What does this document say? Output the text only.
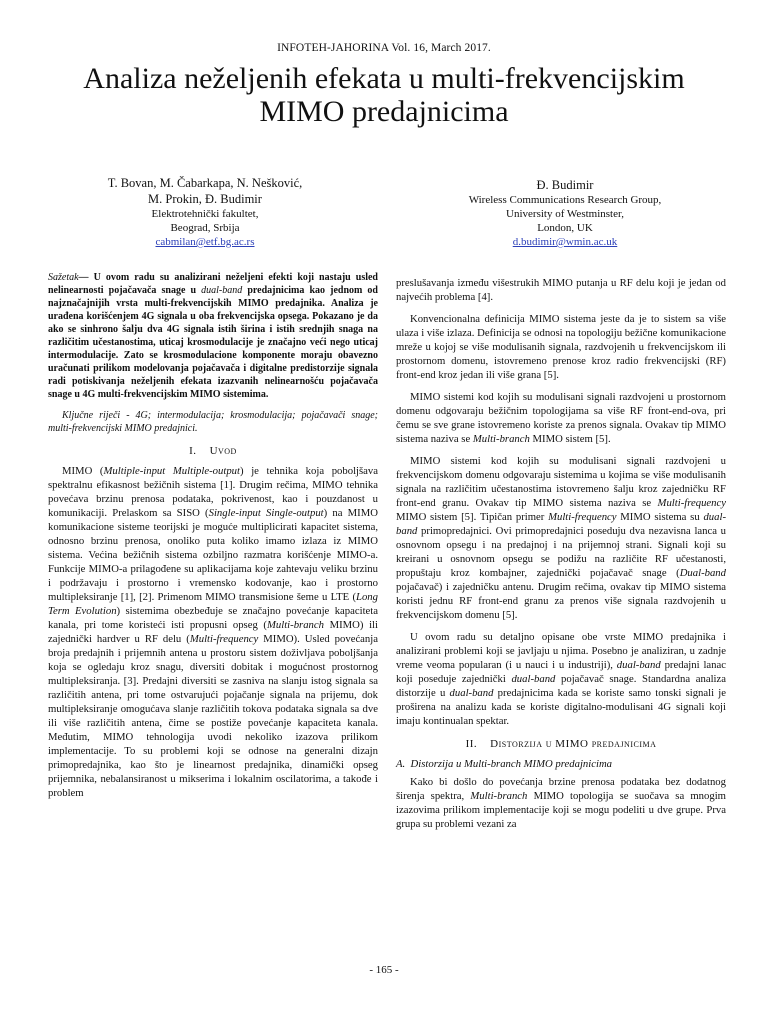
INFOTEH-JAHORINA Vol. 16, March 2017.
Analiza neželjenih efekata u multi-frekvencijskim MIMO predajnicima
T. Bovan, M. Čabarkapa, N. Nešković,
M. Prokin, Đ. Budimir
Elektrotehnički fakultet,
Beograd, Srbija
cabmilan@etf.bg.ac.rs
Đ. Budimir
Wireless Communications Research Group,
University of Westminster,
London, UK
d.budimir@wmin.ac.uk

Sažetak— U ovom radu su analizirani neželjeni efekti koji nastaju usled nelinearnosti pojačavača snage u dual-band predajnicima kao jednom od najznačajnijih vrsta multi-frekvencijskih MIMO predajnika. Analiza je urađena korišćenjem 4G signala u oba frekvencijska opsega. Pokazano je da ako se sinhrono šalju dva 4G signala istih širina i istih srednjih snaga na različitim učestanostima, uticaj krosmodulacije je značajno veći nego uticaj intermodulacije. Zato se krosmodulacione komponente moraju obavezno uračunati prilikom modelovanja pojačavača i digitalne predistorzije signala radi potiskivanja neželjenih efekata izazvanih nelinearnošću pojačavača snage u 4G multi-frekvencijskim MIMO sistemima.

Ključne riječi - 4G; intermodulacija; krosmodulacija; pojačavači snage; multi-frekvencijski MIMO predajnici.

I. Uvod

MIMO (Multiple-input Multiple-output) je tehnika koja poboljšava spektralnu efikasnost bežičnih sistema [1]. Drugim rečima, MIMO tehnika povećava brzinu prenosa podataka, pokrivenost, kao i pouzdanost u komunikaciji. Prelaskom sa SISO (Single-input Single-output) na MIMO komunikacione sisteme teorijski je moguće multiplicirati kapacitet sistema, odnosno brzinu prenosa, onoliko puta koliko imamo izlaza iz MIMO sistema. Većina bežičnih sistema ozbiljno razmatra korišćenje MIMO-a. Funkcije MIMO-a prilagođene su aplikacijama koje zahtevaju veliku brzinu i podržavaju i prostorno i vremensko kodovanje, kao i prostorno multipleksiranje [1], [2]. Primenom MIMO transmisione šeme u LTE (Long Term Evolution) sistemima obezbeđuje se značajno povećanje kapaciteta kanala, pri tome koristeći isti propusni opseg (Multi-branch MIMO) ili zajednički hardver u RF delu (Multi-frequency MIMO). Usled povećanja broja predajnih i prijemnih antena u prostoru sistem doživljava poboljšanja koja se ogledaju kroz snagu, diversiti dobitak i mogućnost prostornog multipleksiranja. [3]. Predajni diversiti se zasniva na slanju istog signala sa različitih antena, pri tome ostvarujući pojačanje signala na prijemu, dok multipleksiranje omogućava slanje različitih tokova podataka signala sa dve ili više različitih antena, čime se postiže povećanje kapaciteta kanala. Međutim, MIMO tehnologija uvodi nekoliko izazova prilikom implementacije. To su problemi koji se odnose na generalni dizajn primopredajnika, kao što je linearnost predajnika, dinamički opseg prijemnika, nebalansiranost u mikserima i lokalnim oscilatorima, a takođe i problem

preslušavanja između višestrukih MIMO putanja u RF delu koji je jedan od najvećih problema [4].

Konvencionalna definicija MIMO sistema jeste da je to sistem sa više ulaza i više izlaza. Definicija se odnosi na topologiju bežične komunikacione mreže u kojoj se više modulisanih signala, razdvojenih u frekvencijskom ili prostornom domenu, istovremeno prenose kroz radio frekvencijski (RF) front-end kroz jedan ili više grana [5].

MIMO sistemi kod kojih su modulisani signali razdvojeni u prostornom domenu odgovaraju bežičnim topologijama sa više RF front-end-ova, pri čemu se sve grane istovremeno koriste za prenos signala. Ovakav tip MIMO sistema naziva se Multi-branch MIMO sistem [5].

MIMO sistemi kod kojih su modulisani signali razdvojeni u frekvencijskom domenu odgovaraju sistemima u kojima se više modulisanih signala na različitim učestanostima istovremeno šalju kroz zajedničku RF front-end granu. Ovakav tip MIMO sistema naziva se Multi-frequency MIMO sistem [5]. Tipičan primer Multi-frequency MIMO sistema su dual-band primopredajnici. Ovi primopredajnici poseduju dva nezavisna lanca u osnovnom opsegu i na predajnoj i na prijemnoj strani. Signali koji su kreirani u osnovnom opsegu se podižu na različite RF učestanosti, propuštaju kroz kombajner, zajednički pojačavač snage (Dual-band pojačavač) i zajedničku antenu. Drugim rečima, ovakav tip MIMO sistema koristi jednu RF front-end granu za prenos više signala razdvojenih u frekvencijskom domenu [5].

U ovom radu su detaljno opisane obe vrste MIMO predajnika i analizirani problemi koji se javljaju u njima. Posebno je analiziran, u zadnje vreme veoma popularan (i u nauci i u industriji), dual-band predajni lanac koji poseduje zajednički dual-band pojačavač snage. Standardna analiza distorzije u dual-band predajnicima kada se koriste samo tonski signali je proširena na analizu kada se koriste digitalno-modulisani 4G signali koji imaju kontinualan spektar.

II. Distorzija u MIMO predajnicima

A. Distorzija u Multi-branch MIMO predajnicima

Kako bi došlo do povećanja brzine prenosa podataka bez dodatnog širenja spektra, Multi-branch MIMO topologija se suočava sa mnogim izazovima prilikom implementacije koji se mogu podeliti u dve grupe. Prva grupa su problemi vezani za

- 165 -
